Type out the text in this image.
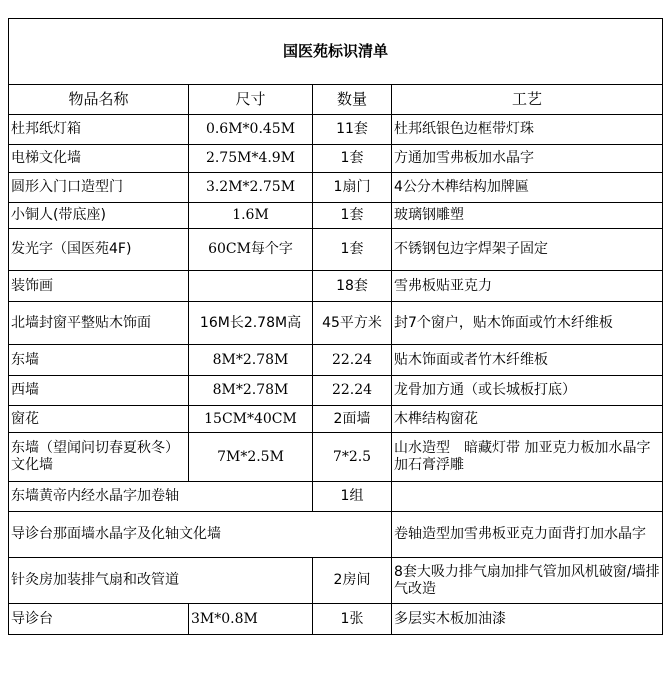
国医苑标识清单			
物品名称	尺寸	数量	工艺
杜邦纸灯箱	0.6M*0.45M	11套	杜邦纸银色边框带灯珠
电梯文化墙	2.75M*4.9M	1套	方通加雪弗板加水晶字
圆形入门口造型门	3.2M*2.75M	1扇门	4公分木榫结构加牌匾
小铜人(带底座)	1.6M	1套	玻璃钢雕塑
发光字（国医苑4F)	60CM每个字	1套	不锈钢包边字焊架子固定
装饰画		18套	雪弗板贴亚克力
北墙封窗平整贴木饰面	16M长2.78M高	45平方米	封7个窗户，贴木饰面或竹木纤维板
东墙	8M*2.78M	22.24	贴木饰面或者竹木纤维板
西墙	8M*2.78M	22.24	龙骨加方通（或长城板打底）
窗花	15CM*40CM	2面墙	木榫结构窗花
东墙（望闻问切春夏秋冬）文化墙	7M*2.5M	7*2.5	山水造型　暗藏灯带 加亚克力板加水晶字加石膏浮雕
东墙黄帝内经水晶字加卷轴		1组	
导诊台那面墙水晶字及化轴文化墙			卷轴造型加雪弗板亚克力面背打加水晶字
针灸房加装排气扇和改管道		2房间	8套大吸力排气扇加排气管加风机破窗/墙排气改造
导诊台	3M*0.8M	1张	多层实木板加油漆
